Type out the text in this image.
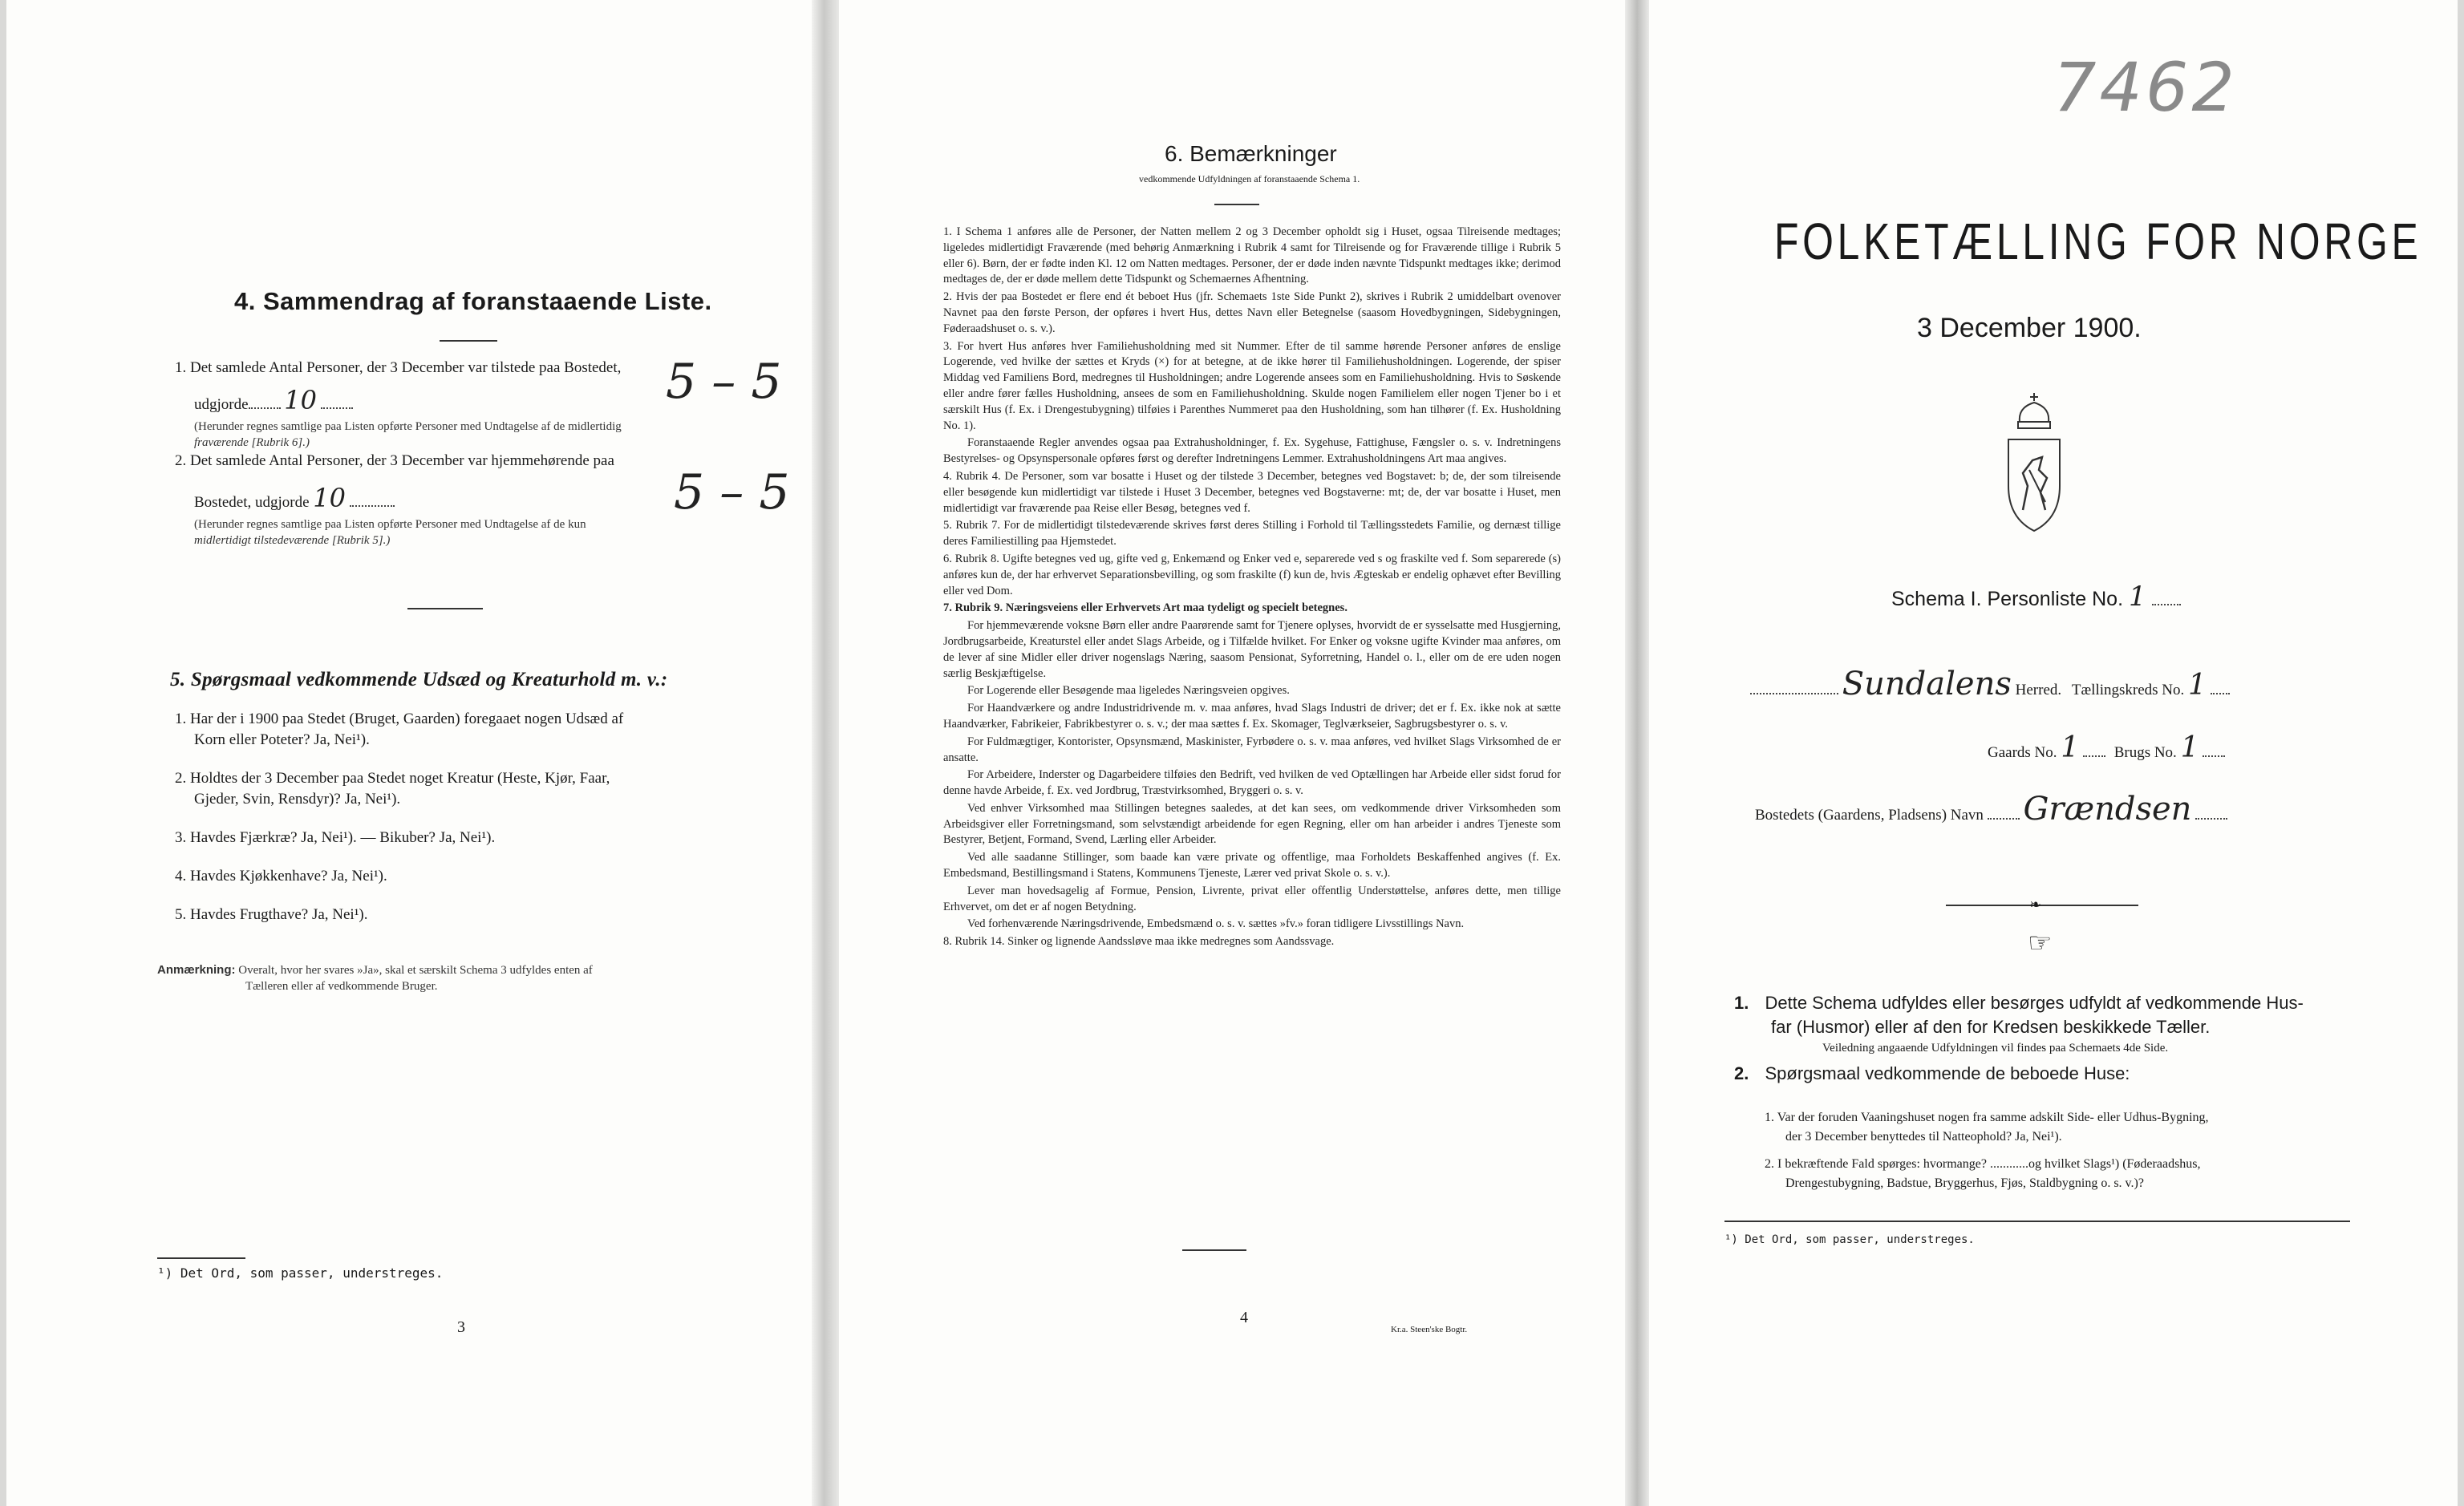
4. Sammendrag af foranstaaende Liste.
1. Det samlede Antal Personer, der 3 December var tilstede paa Bostedet,
udgjorde 10
(Herunder regnes samtlige paa Listen opførte Personer med Undtagelse af de midlertidig
fraværende [Rubrik 6].)
5 – 5
2. Det samlede Antal Personer, der 3 December var hjemmehørende paa
Bostedet, udgjorde 10
(Herunder regnes samtlige paa Listen opførte Personer med Undtagelse af de kun
midlertidigt tilstedeværende [Rubrik 5].)
5 – 5
5. Spørgsmaal vedkommende Udsæd og Kreaturhold m. v.:
1. Har der i 1900 paa Stedet (Bruget, Gaarden) foregaaet nogen Udsæd af
Korn eller Poteter? Ja, Nei¹).
2. Holdtes der 3 December paa Stedet noget Kreatur (Heste, Kjør, Faar,
Gjeder, Svin, Rensdyr)? Ja, Nei¹).
3. Havdes Fjærkræ? Ja, Nei¹). — Bikuber? Ja, Nei¹).
4. Havdes Kjøkkenhave? Ja, Nei¹).
5. Havdes Frugthave? Ja, Nei¹).
Anmærkning: Overalt, hvor her svares »Ja», skal et særskilt Schema 3 udfyldes enten af
Tælleren eller af vedkommende Bruger.
¹) Det Ord, som passer, understreges.
3
6. Bemærkninger
vedkommende Udfyldningen af foranstaaende Schema 1.
1. I Schema 1 anføres alle de Personer, der Natten mellem 2 og 3 December opholdt sig i Huset, ogsaa Tilreisende medtages; ligeledes midlertidigt Fraværende (med behørig Anmærkning i Rubrik 4 samt for Tilreisende og for Fraværende tillige i Rubrik 5 eller 6). Børn, der er fødte inden Kl. 12 om Natten medtages. Personer, der er døde inden nævnte Tidspunkt medtages ikke; derimod medtages de, der er døde mellem dette Tidspunkt og Schemaernes Afhentning.
2. Hvis der paa Bostedet er flere end ét beboet Hus (jfr. Schemaets 1ste Side Punkt 2), skrives i Rubrik 2 umiddelbart ovenover Navnet paa den første Person, der opføres i hvert Hus, dettes Navn eller Betegnelse (saasom Hovedbygningen, Sidebygningen, Føderaadshuset o. s. v.).
3. For hvert Hus anføres hver Familiehusholdning med sit Nummer. Efter de til samme hørende Personer anføres de enslige Logerende, ved hvilke der sættes et Kryds (×) for at betegne, at de ikke hører til Familiehusholdningen. Logerende, der spiser Middag ved Familiens Bord, medregnes til Husholdningen; andre Logerende ansees som en Familiehusholdning. Hvis to Søskende eller andre fører fælles Husholdning, ansees de som en Familiehusholdning. Skulde nogen Familielem eller nogen Tjener bo i et særskilt Hus (f. Ex. i Drengestubygning) tilføies i Parenthes Nummeret paa den Husholdning, som han tilhører (f. Ex. Husholdning No. 1).
Foranstaaende Regler anvendes ogsaa paa Extrahusholdninger, f. Ex. Sygehuse, Fattighuse, Fængsler o. s. v. Indretningens Bestyrelses- og Opsynspersonale opføres først og derefter Indretningens Lemmer. Extrahusholdningens Art maa angives.
4. Rubrik 4. De Personer, som var bosatte i Huset og der tilstede 3 December, betegnes ved Bogstavet: b; de, der som tilreisende eller besøgende kun midlertidigt var tilstede i Huset 3 December, betegnes ved Bogstaverne: mt; de, der var bosatte i Huset, men midlertidigt var fraværende paa Reise eller Besøg, betegnes ved f.
5. Rubrik 7. For de midlertidigt tilstedeværende skrives først deres Stilling i Forhold til Tællingsstedets Familie, og dernæst tillige deres Familiestilling paa Hjemstedet.
6. Rubrik 8. Ugifte betegnes ved ug, gifte ved g, Enkemænd og Enker ved e, separerede ved s og fraskilte ved f. Som separerede (s) anføres kun de, der har erhvervet Separationsbevilling, og som fraskilte (f) kun de, hvis Ægteskab er endelig ophævet efter Bevilling eller ved Dom.
7. Rubrik 9. Næringsveiens eller Erhvervets Art maa tydeligt og specielt betegnes.
For hjemmeværende voksne Børn eller andre Paarørende samt for Tjenere oplyses, hvorvidt de er sysselsatte med Husgjerning, Jordbrugsarbeide, Kreaturstel eller andet Slags Arbeide, og i Tilfælde hvilket. For Enker og voksne ugifte Kvinder maa anføres, om de lever af sine Midler eller driver nogenslags Næring, saasom Pensionat, Syforretning, Handel o. l., eller om de ere uden nogen særlig Beskjæftigelse.
For Logerende eller Besøgende maa ligeledes Næringsveien opgives.
For Haandværkere og andre Industridrivende m. v. maa anføres, hvad Slags Industri de driver; det er f. Ex. ikke nok at sætte Haandværker, Fabrikeier, Fabrikbestyrer o. s. v.; der maa sættes f. Ex. Skomager, Teglværkseier, Sagbrugsbestyrer o. s. v.
For Fuldmægtiger, Kontorister, Opsynsmænd, Maskinister, Fyrbødere o. s. v. maa anføres, ved hvilket Slags Virksomhed de er ansatte.
For Arbeidere, Inderster og Dagarbeidere tilføies den Bedrift, ved hvilken de ved Optællingen har Arbeide eller sidst forud for denne havde Arbeide, f. Ex. ved Jordbrug, Træstvirksomhed, Bryggeri o. s. v.
Ved enhver Virksomhed maa Stillingen betegnes saaledes, at det kan sees, om vedkommende driver Virksomheden som Arbeidsgiver eller Forretningsmand, som selvstændigt arbeidende for egen Regning, eller om han arbeider i andres Tjeneste som Bestyrer, Betjent, Formand, Svend, Lærling eller Arbeider.
Ved alle saadanne Stillinger, som baade kan være private og offentlige, maa Forholdets Beskaffenhed angives (f. Ex. Embedsmand, Bestillingsmand i Statens, Kommunens Tjeneste, Lærer ved privat Skole o. s. v.).
Lever man hovedsagelig af Formue, Pension, Livrente, privat eller offentlig Understøttelse, anføres dette, men tillige Erhvervet, om det er af nogen Betydning.
Ved forhenværende Næringsdrivende, Embedsmænd o. s. v. sættes »fv.» foran tidligere Livsstillings Navn.
8. Rubrik 14. Sinker og lignende Aandssløve maa ikke medregnes som Aandssvage.
4
Kr.a. Steen'ske Bogtr.
7462
FOLKETÆLLING FOR NORGE
3 December 1900.
Schema I. Personliste No. 1
Sundalens Herred. Tællingskreds No. 1
Gaards No. 1 Brugs No. 1
Bostedets (Gaardens, Pladsens) Navn Grændsen
❧
☞
1. Dette Schema udfyldes eller besørges udfyldt af vedkommende Hus-
far (Husmor) eller af den for Kredsen beskikkede Tæller.
Veiledning angaaende Udfyldningen vil findes paa Schemaets 4de Side.
2. Spørgsmaal vedkommende de beboede Huse:
1. Var der foruden Vaaningshuset nogen fra samme adskilt Side- eller Udhus-Bygning,
der 3 December benyttedes til Natteophold? Ja, Nei¹).
2. I bekræftende Fald spørges: hvormange? ............og hvilket Slags¹) (Føderaadshus,
Drengestubygning, Badstue, Bryggerhus, Fjøs, Staldbygning o. s. v.)?
¹) Det Ord, som passer, understreges.
